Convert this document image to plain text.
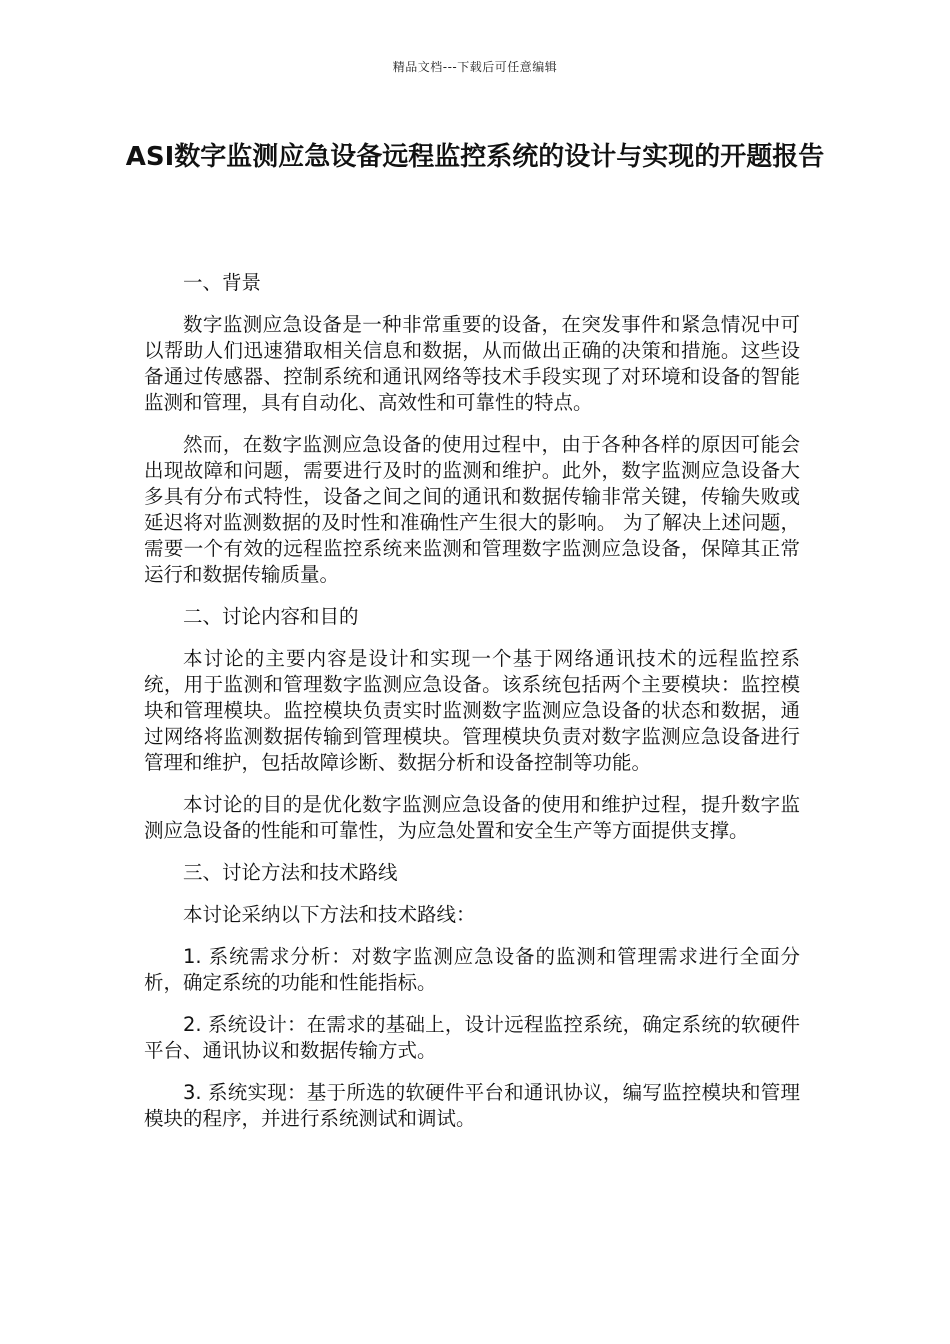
精品文档---下载后可任意编辑
ASI数字监测应急设备远程监控系统的设计与实现的开题报告
一、背景

数字监测应急设备是一种非常重要的设备，在突发事件和紧急情况中可以帮助人们迅速猎取相关信息和数据，从而做出正确的决策和措施。这些设备通过传感器、控制系统和通讯网络等技术手段实现了对环境和设备的智能监测和管理，具有自动化、高效性和可靠性的特点。

然而，在数字监测应急设备的使用过程中，由于各种各样的原因可能会出现故障和问题，需要进行及时的监测和维护。此外，数字监测应急设备大多具有分布式特性，设备之间之间的通讯和数据传输非常关键，传输失败或延迟将对监测数据的及时性和准确性产生很大的影响。 为了解决上述问题，需要一个有效的远程监控系统来监测和管理数字监测应急设备，保障其正常运行和数据传输质量。

二、讨论内容和目的

本讨论的主要内容是设计和实现一个基于网络通讯技术的远程监控系统，用于监测和管理数字监测应急设备。该系统包括两个主要模块：监控模块和管理模块。监控模块负责实时监测数字监测应急设备的状态和数据，通过网络将监测数据传输到管理模块。管理模块负责对数字监测应急设备进行管理和维护，包括故障诊断、数据分析和设备控制等功能。

本讨论的目的是优化数字监测应急设备的使用和维护过程，提升数字监测应急设备的性能和可靠性，为应急处置和安全生产等方面提供支撑。

三、讨论方法和技术路线

本讨论采纳以下方法和技术路线：

1. 系统需求分析：对数字监测应急设备的监测和管理需求进行全面分析，确定系统的功能和性能指标。

2. 系统设计：在需求的基础上，设计远程监控系统，确定系统的软硬件平台、通讯协议和数据传输方式。

3. 系统实现：基于所选的软硬件平台和通讯协议，编写监控模块和管理模块的程序，并进行系统测试和调试。
